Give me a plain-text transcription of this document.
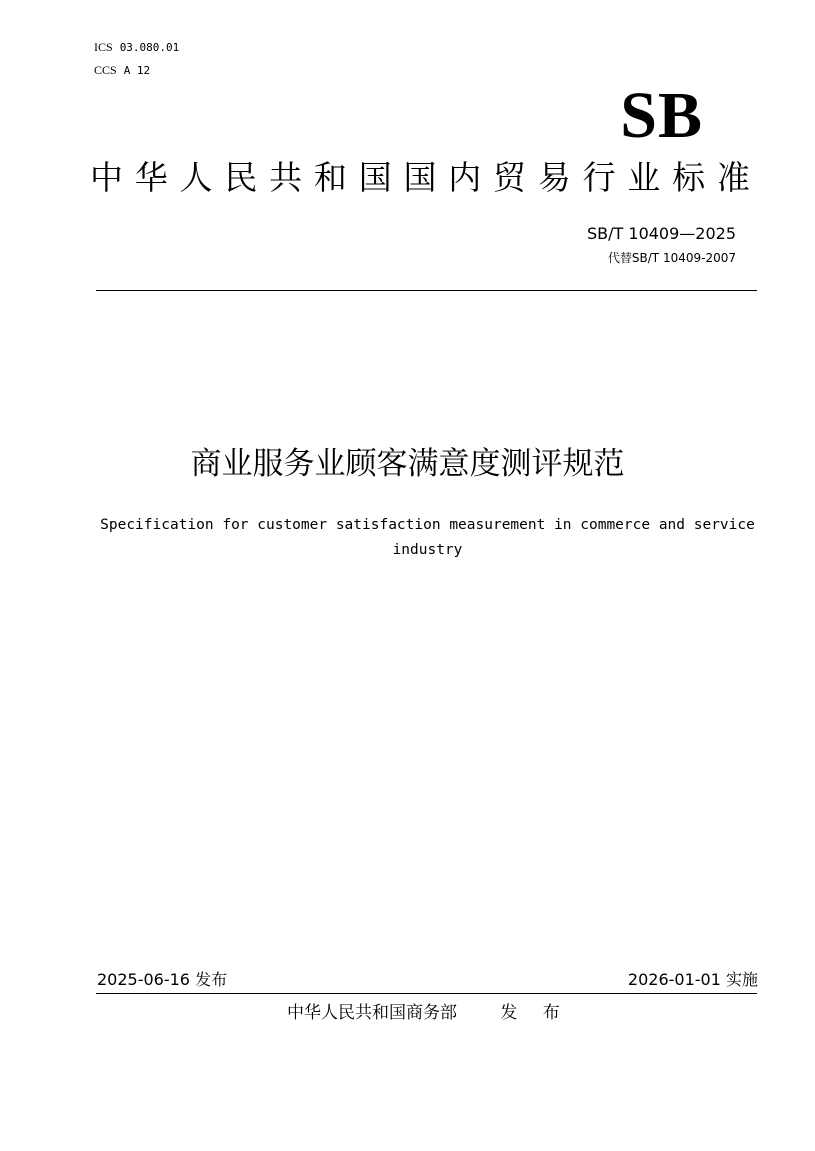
ICS 03.080.01
CCS A 12
SB
中 华 人 民 共 和 国 国 内 贸 易 行 业 标 准
SB/T 10409—2025
代替SB/T 10409-2007
商业服务业顾客满意度测评规范
Specification for customer satisfaction measurement in commerce and service industry
2025-06-16 发布	2026-01-01 实施
中华人民共和国商务部	发 布
